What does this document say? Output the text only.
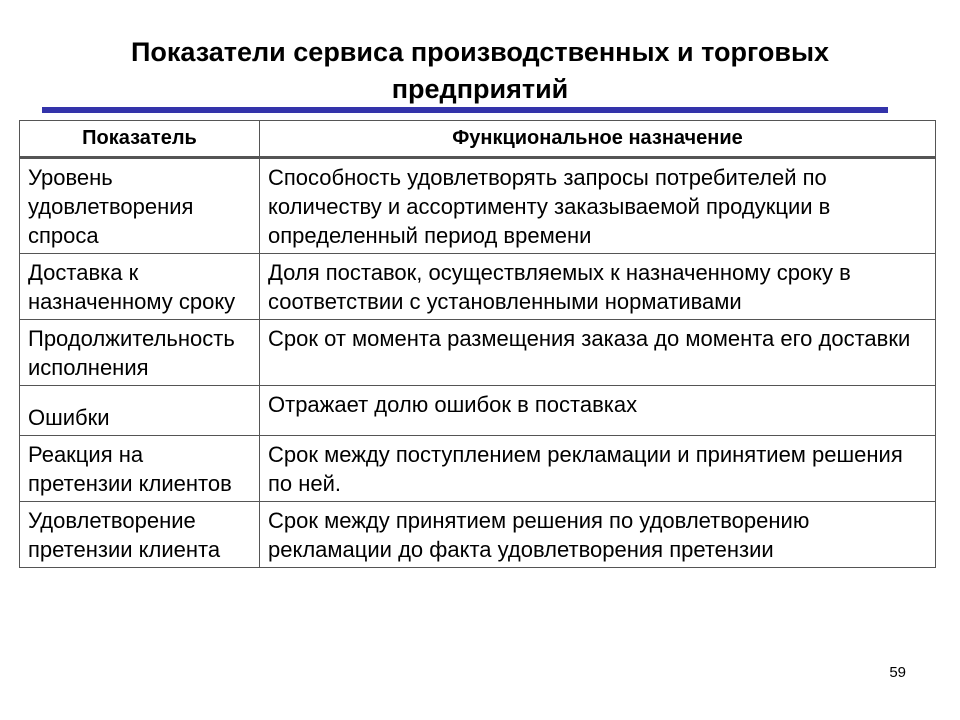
Показатели сервиса производственных и торговых предприятий
Показатель	Функциональное назначение
Уровень удовлетворения спроса	Способность удовлетворять запросы потребителей по количеству и ассортименту заказываемой продукции в определенный период времени
Доставка к назначенному сроку	Доля поставок, осуществляемых к назначенному сроку в соответствии с установленными нормативами
Продолжительность исполнения	Срок от момента размещения заказа до момента его доставки
Ошибки	Отражает долю ошибок в поставках
Реакция на претензии клиентов	Срок между поступлением рекламации и принятием решения по ней.
Удовлетворение претензии клиента	Срок между принятием решения по удовлетворению рекламации до факта удовлетворения претензии
59
